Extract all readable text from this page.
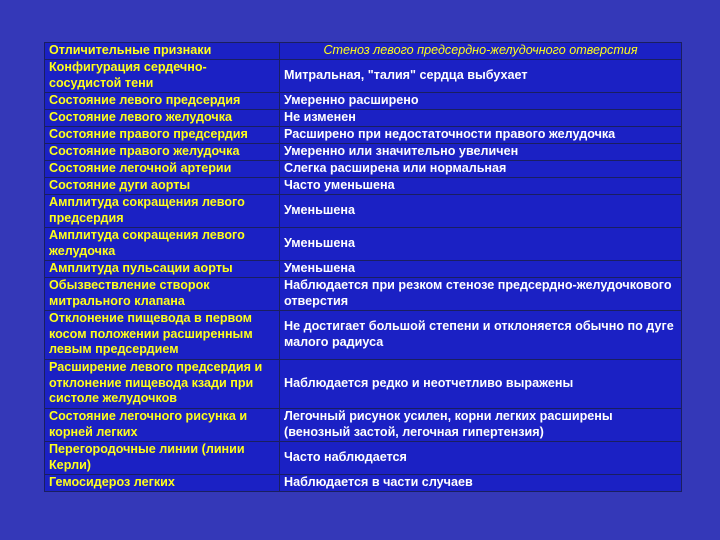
Отличительные признаки	Стеноз левого предсердно-желудочного отверстия
Конфигурация сердечно-сосудистой тени	Митральная, "талия" сердца выбухает
Состояние левого предсердия	Умеренно расширено
Состояние левого желудочка	Не изменен
Состояние правого предсердия	Расширено при недостаточности правого желудочка
Состояние правого желудочка	Умеренно или значительно увеличен
Состояние легочной артерии	Слегка расширена или нормальная
Состояние дуги аорты	Часто уменьшена
Амплитуда сокращения левого предсердия	Уменьшена
Амплитуда сокращения левого желудочка	Уменьшена
Амплитуда пульсации аорты	Уменьшена
Обызвествление створок митрального клапана	Наблюдается при резком стенозе предсердно-желудочкового отверстия
Отклонение пищевода в первом косом положении расширенным левым предсердием	Не достигает большой степени и отклоняется обычно по дуге малого радиуса
Расширение левого предсердия и отклонение пищевода кзади при систоле желудочков	Наблюдается редко и неотчетливо выражены
Состояние легочного рисунка и корней легких	Легочный рисунок усилен, корни легких расширены (венозный застой, легочная гипертензия)
Перегородочные линии (линии Керли)	Часто наблюдается
Гемосидероз легких	Наблюдается в части случаев
